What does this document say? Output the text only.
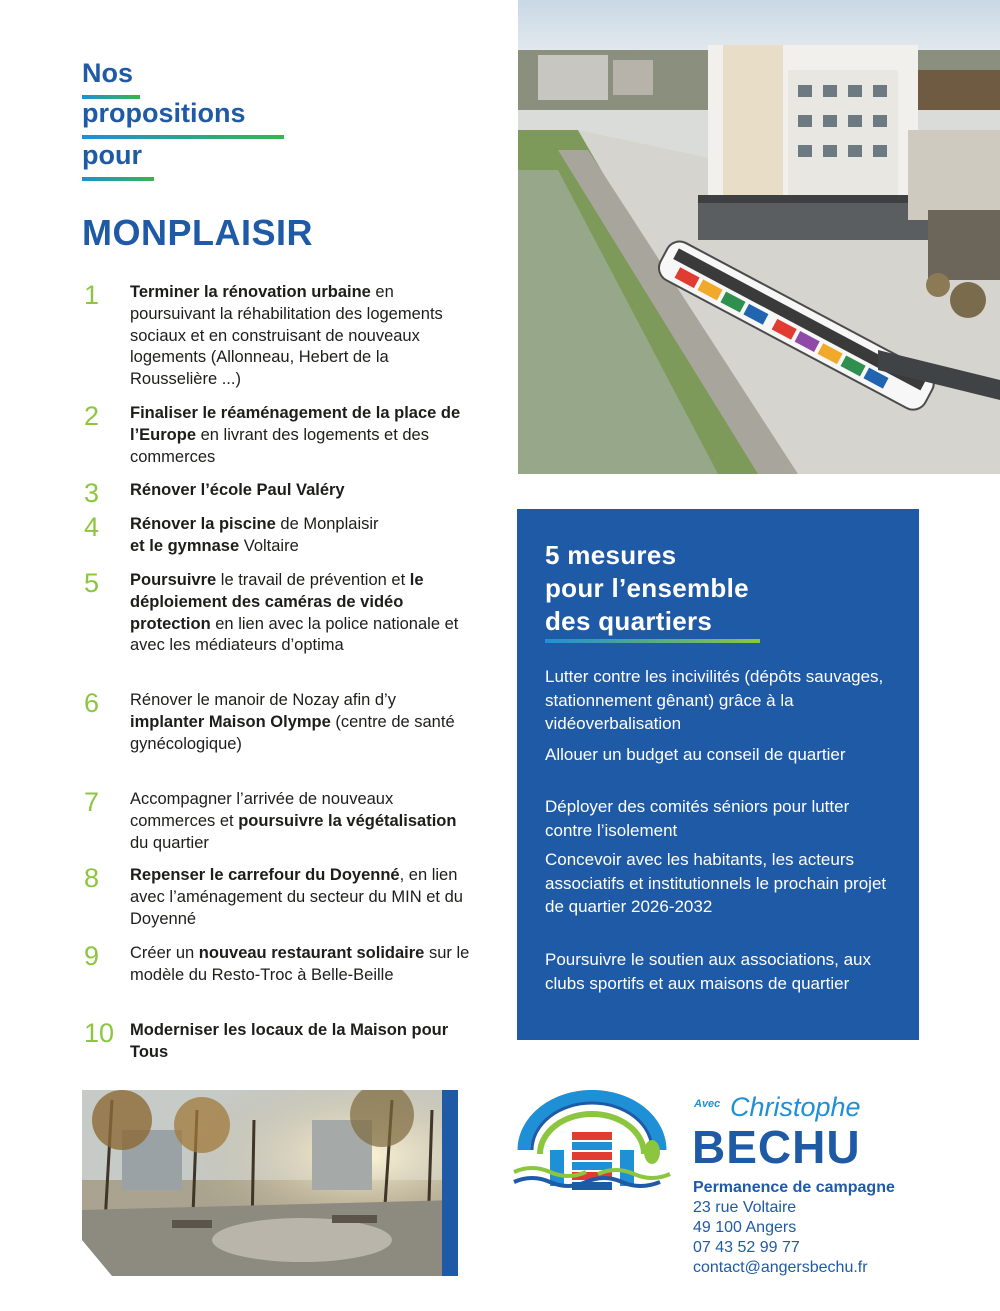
Nos
propositions
pour
MONPLAISIR
1	Terminer la rénovation urbaine en poursuivant la réhabilitation des logements sociaux et en construisant de nouveaux logements (Allonneau, Hebert de la Rousselière ...)
2	Finaliser le réaménagement de la place de l’Europe en livrant des logements et des commerces
3	Rénover l’école Paul Valéry
4	Rénover la piscine de Monplaisir
et le gymnase Voltaire
5	Poursuivre le travail de prévention et le déploiement des caméras de vidéo protection en lien avec la police nationale et avec les médiateurs d’optima
6	Rénover le manoir de Nozay afin d’y implanter Maison Olympe (centre de santé gynécologique)
7	Accompagner l’arrivée de nouveaux commerces et poursuivre la végétalisation du quartier
8	Repenser le carrefour du Doyenné, en lien avec l’aménagement du secteur du MIN et du Doyenné
9	Créer un nouveau restaurant solidaire sur le modèle du Resto-Troc à Belle-Beille
10 Moderniser les locaux de la Maison pour Tous
5 mesures
pour l’ensemble
des quartiers
Lutter contre les incivilités (dépôts sauvages, stationnement gênant) grâce à la vidéoverbalisation
Allouer un budget au conseil de quartier
Déployer des comités séniors pour lutter contre l’isolement
Concevoir avec les habitants, les acteurs associatifs et institutionnels le prochain projet de quartier 2026-2032
Poursuivre le soutien aux associations, aux clubs sportifs et aux maisons de quartier
Avec Christophe
BECHU
Permanence de campagne
23 rue Voltaire
49 100 Angers
07 43 52 99 77
contact@angersbechu.fr
